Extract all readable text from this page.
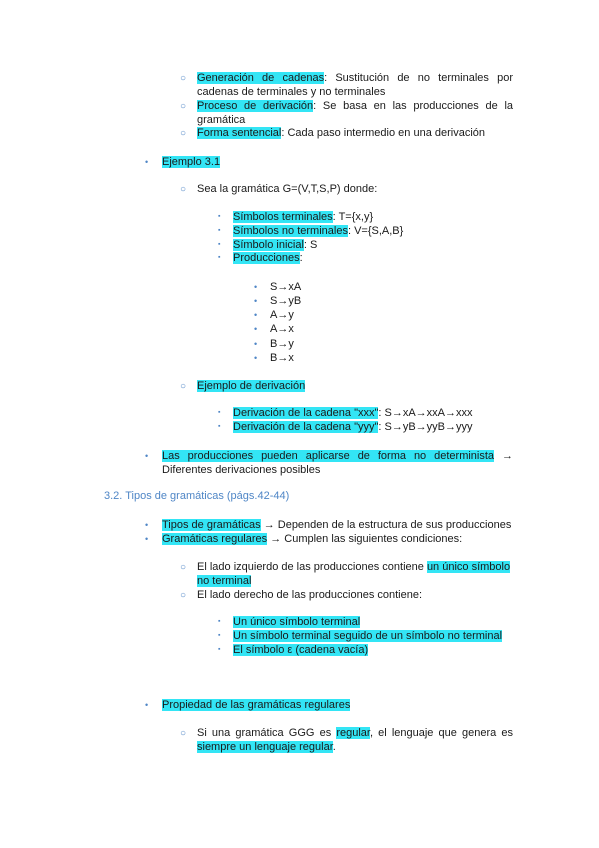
○ Generación de cadenas: Sustitución de no terminales por
cadenas de terminales y no terminales
○ Proceso de derivación: Se basa en las producciones de la
gramática
○ Forma sentencial: Cada paso intermedio en una derivación
• Ejemplo 3.1
○ Sea la gramática G=(V,T,S,P) donde:
▪ Símbolos terminales: T={x,y}
▪ Símbolos no terminales: V={S,A,B}
▪ Símbolo inicial: S
▪ Producciones:
• S→xA
• S→yB
• A→y
• A→x
• B→y
• B→x
○ Ejemplo de derivación
▪ Derivación de la cadena "xxx": S→xA→xxA→xxx
▪ Derivación de la cadena "yyy": S→yB→yyB→yyy
• Las producciones pueden aplicarse de forma no determinista →
Diferentes derivaciones posibles
3.2. Tipos de gramáticas (págs.42-44)
• Tipos de gramáticas → Dependen de la estructura de sus producciones
• Gramáticas regulares → Cumplen las siguientes condiciones:
○ El lado izquierdo de las producciones contiene un único símbolo
no terminal
○ El lado derecho de las producciones contiene:
▪ Un único símbolo terminal
▪ Un símbolo terminal seguido de un símbolo no terminal
▪ El símbolo ε (cadena vacía)
• Propiedad de las gramáticas regulares
○ Si una gramática GGG es regular, el lenguaje que genera es
siempre un lenguaje regular.
